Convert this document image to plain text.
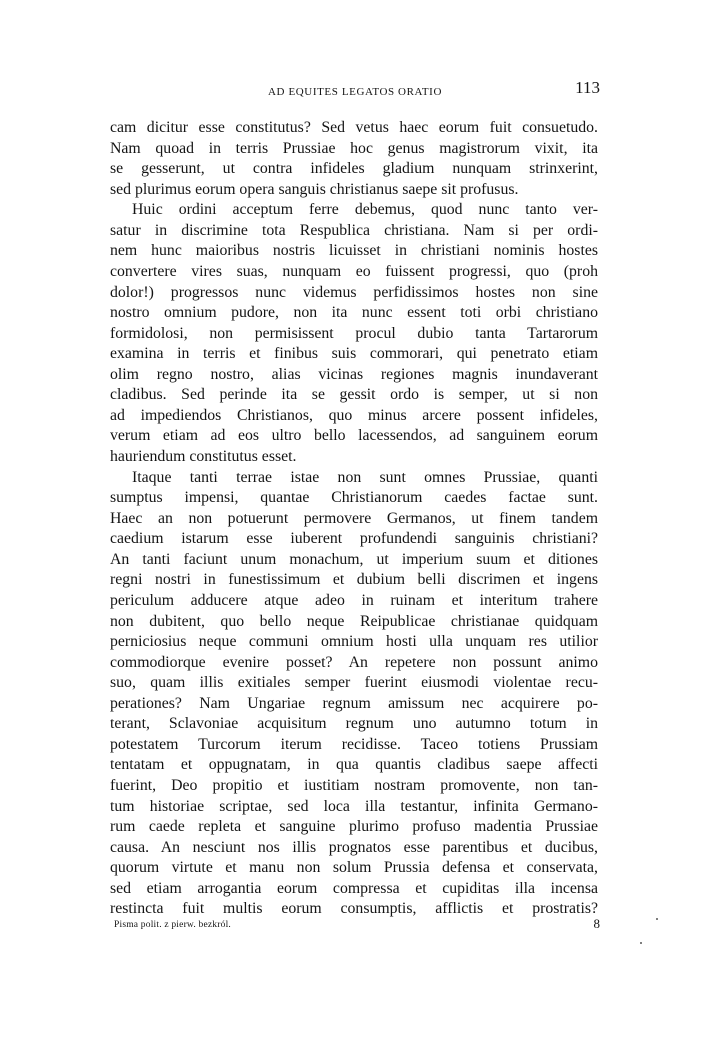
AD EQUITES LEGATOS ORATIO	113
cam dicitur esse constitutus? Sed vetus haec eorum fuit consuetudo.
Nam quoad in terris Prussiae hoc genus magistrorum vixit, ita
se gesserunt, ut contra infideles gladium nunquam strinxerint,
sed plurimus eorum opera sanguis christianus saepe sit profusus.
Huic ordini acceptum ferre debemus, quod nunc tanto ver-
satur in discrimine tota Respublica christiana. Nam si per ordi-
nem hunc maioribus nostris licuisset in christiani nominis hostes
convertere vires suas, nunquam eo fuissent progressi, quo (proh
dolor!) progressos nunc videmus perfidissimos hostes non sine
nostro omnium pudore, non ita nunc essent toti orbi christiano
formidolosi, non permisissent procul dubio tanta Tartarorum
examina in terris et finibus suis commorari, qui penetrato etiam
olim regno nostro, alias vicinas regiones magnis inundaverant
cladibus. Sed perinde ita se gessit ordo is semper, ut si non
ad impediendos Christianos, quo minus arcere possent infideles,
verum etiam ad eos ultro bello lacessendos, ad sanguinem eorum
hauriendum constitutus esset.
Itaque tanti terrae istae non sunt omnes Prussiae, quanti
sumptus impensi, quantae Christianorum caedes factae sunt.
Haec an non potuerunt permovere Germanos, ut finem tandem
caedium istarum esse iuberent profundendi sanguinis christiani?
An tanti faciunt unum monachum, ut imperium suum et ditiones
regni nostri in funestissimum et dubium belli discrimen et ingens
periculum adducere atque adeo in ruinam et interitum trahere
non dubitent, quo bello neque Reipublicae christianae quidquam
perniciosius neque communi omnium hosti ulla unquam res utilior
commodiorque evenire posset? An repetere non possunt animo
suo, quam illis exitiales semper fuerint eiusmodi violentae recu-
perationes? Nam Ungariae regnum amissum nec acquirere po-
terant, Sclavoniae acquisitum regnum uno autumno totum in
potestatem Turcorum iterum recidisse. Taceo totiens Prussiam
tentatam et oppugnatam, in qua quantis cladibus saepe affecti
fuerint, Deo propitio et iustitiam nostram promovente, non tan-
tum historiae scriptae, sed loca illa testantur, infinita Germano-
rum caede repleta et sanguine plurimo profuso madentia Prussiae
causa. An nesciunt nos illis prognatos esse parentibus et ducibus,
quorum virtute et manu non solum Prussia defensa et conservata,
sed etiam arrogantia eorum compressa et cupiditas illa incensa
restincta fuit multis eorum consumptis, afflictis et prostratis?
Pisma polit. z pierw. bezkról.	8
